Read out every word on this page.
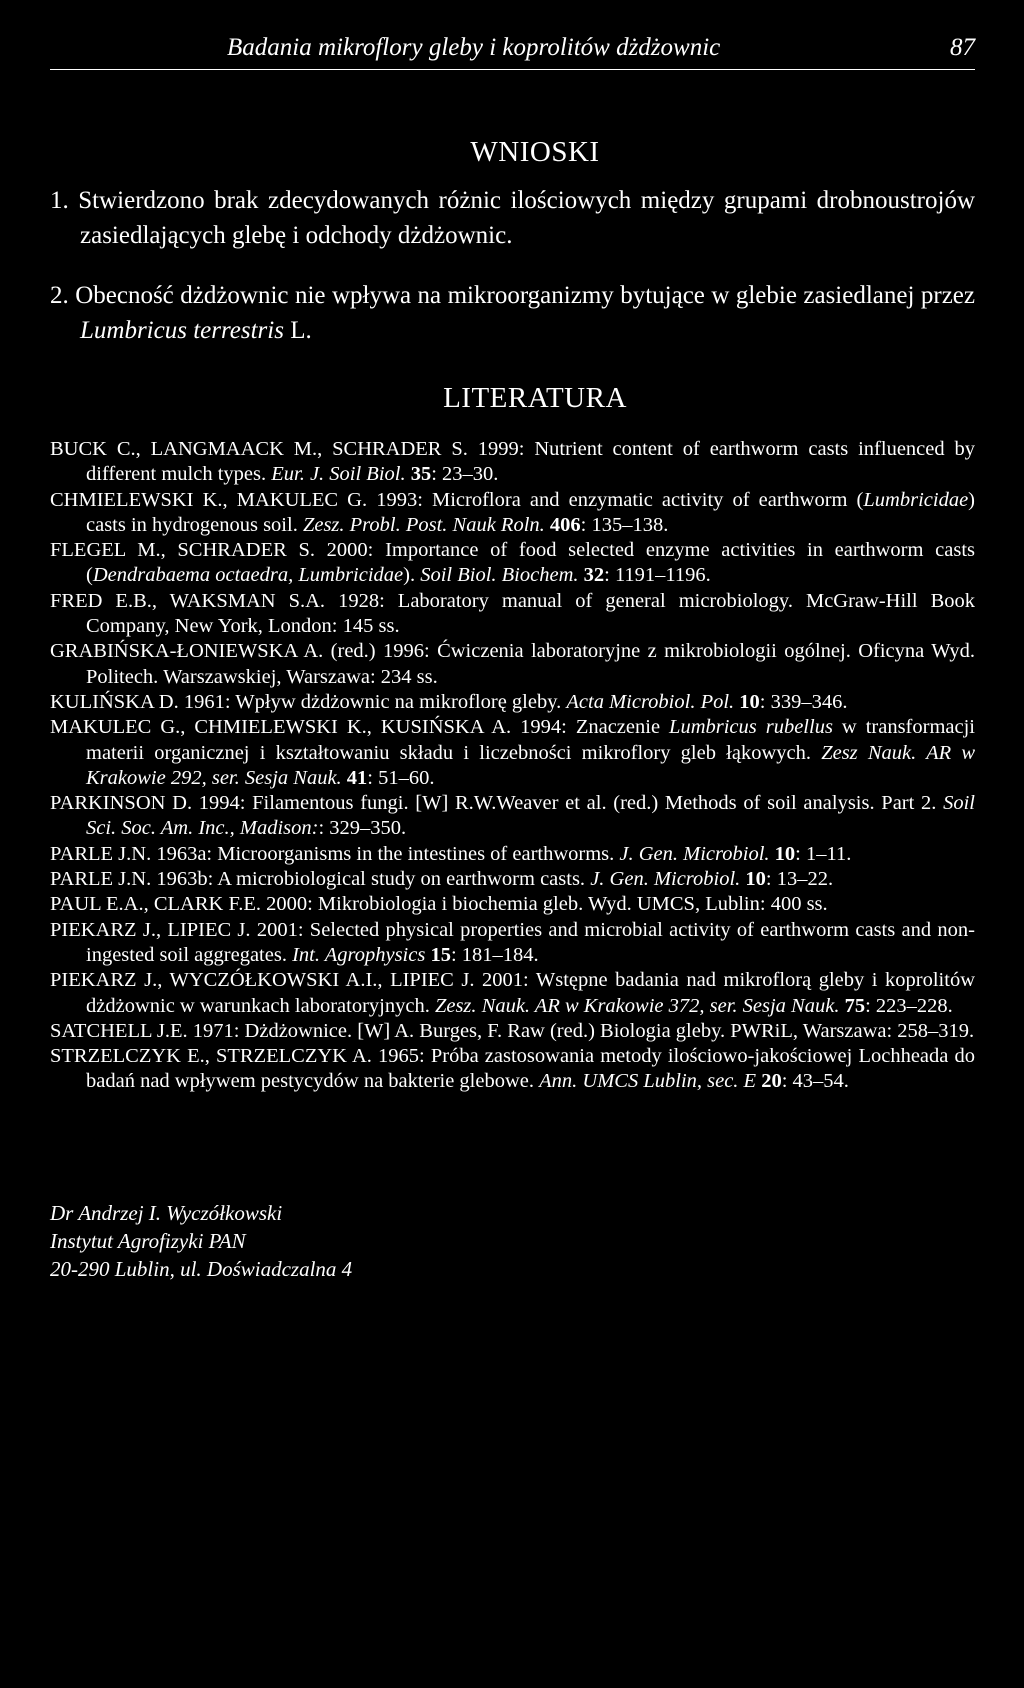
Badania mikroflory gleby i koprolitów dżdżownic	87
WNIOSKI

1. Stwierdzono brak zdecydowanych różnic ilościowych między grupami drobnoustrojów zasiedlających glebę i odchody dżdżownic.

2. Obecność dżdżownic nie wpływa na mikroorganizmy bytujące w glebie zasiedlanej przez Lumbricus terrestris L.

LITERATURA

BUCK C., LANGMAACK M., SCHRADER S. 1999: Nutrient content of earthworm casts influenced by different mulch types. Eur. J. Soil Biol. 35: 23–30.

CHMIELEWSKI K., MAKULEC G. 1993: Microflora and enzymatic activity of earthworm (Lumbricidae) casts in hydrogenous soil. Zesz. Probl. Post. Nauk Roln. 406: 135–138.

FLEGEL M., SCHRADER S. 2000: Importance of food selected enzyme activities in earthworm casts (Dendrabaema octaedra, Lumbricidae). Soil Biol. Biochem. 32: 1191–1196.

FRED E.B., WAKSMAN S.A. 1928: Laboratory manual of general microbiology. McGraw-Hill Book Company, New York, London: 145 ss.

GRABIŃSKA-ŁONIEWSKA A. (red.) 1996: Ćwiczenia laboratoryjne z mikrobiologii ogólnej. Oficyna Wyd. Politech. Warszawskiej, Warszawa: 234 ss.

KULIŃSKA D. 1961: Wpływ dżdżownic na mikroflorę gleby. Acta Microbiol. Pol. 10: 339–346.

MAKULEC G., CHMIELEWSKI K., KUSIŃSKA A. 1994: Znaczenie Lumbricus rubellus w transformacji materii organicznej i kształtowaniu składu i liczebności mikroflory gleb łąkowych. Zesz Nauk. AR w Krakowie 292, ser. Sesja Nauk. 41: 51–60.

PARKINSON D. 1994: Filamentous fungi. [W] R.W.Weaver et al. (red.) Methods of soil analysis. Part 2. Soil Sci. Soc. Am. Inc., Madison:: 329–350.

PARLE J.N. 1963a: Microorganisms in the intestines of earthworms. J. Gen. Microbiol. 10: 1–11.

PARLE J.N. 1963b: A microbiological study on earthworm casts. J. Gen. Microbiol. 10: 13–22.

PAUL E.A., CLARK F.E. 2000: Mikrobiologia i biochemia gleb. Wyd. UMCS, Lublin: 400 ss.

PIEKARZ J., LIPIEC J. 2001: Selected physical properties and microbial activity of earthworm casts and non-ingested soil aggregates. Int. Agrophysics 15: 181–184.

PIEKARZ J., WYCZÓŁKOWSKI A.I., LIPIEC J. 2001: Wstępne badania nad mikroflorą gleby i koprolitów dżdżownic w warunkach laboratoryjnych. Zesz. Nauk. AR w Krakowie 372, ser. Sesja Nauk. 75: 223–228.

SATCHELL J.E. 1971: Dżdżownice. [W] A. Burges, F. Raw (red.) Biologia gleby. PWRiL, Warszawa: 258–319.

STRZELCZYK E., STRZELCZYK A. 1965: Próba zastosowania metody ilościowo-jakościowej Lochheada do badań nad wpływem pestycydów na bakterie glebowe. Ann. UMCS Lublin, sec. E 20: 43–54.

Dr Andrzej I. Wyczółkowski
Instytut Agrofizyki PAN
20-290 Lublin, ul. Doświadczalna 4
